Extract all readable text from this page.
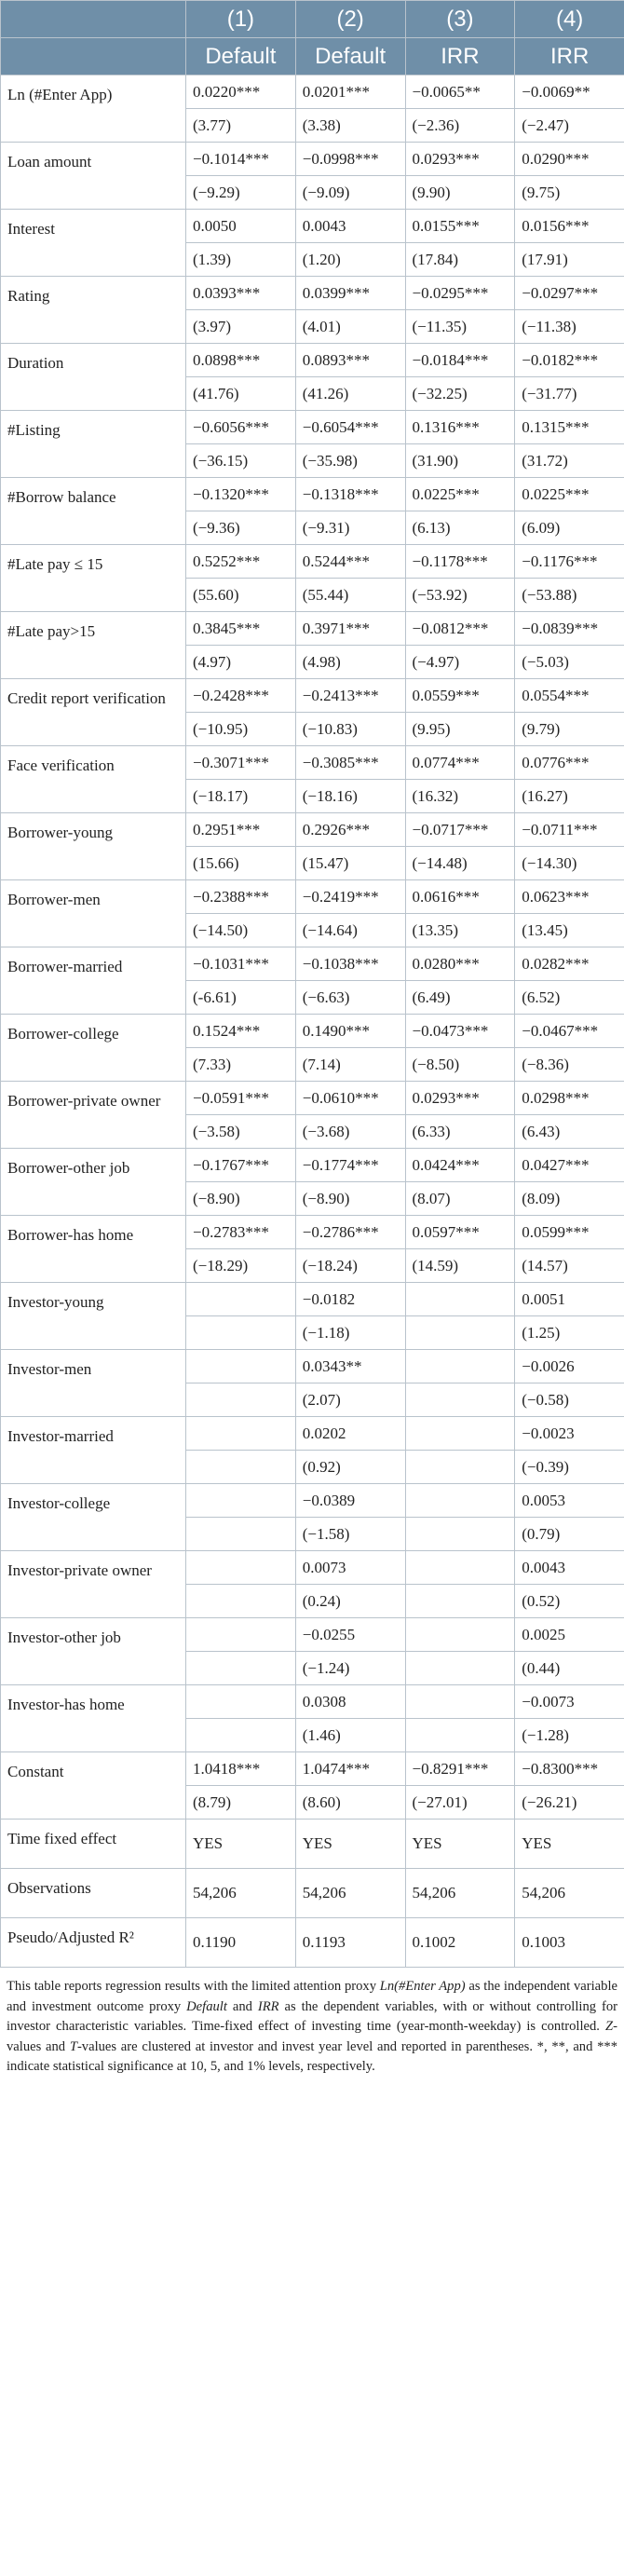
	(1)	(2)	(3)	(4)
	Default	Default	IRR	IRR
Ln (#Enter App)	0.0220***	0.0201***	−0.0065**	−0.0069**
	(3.77)	(3.38)	(−2.36)	(−2.47)
Loan amount	−0.1014***	−0.0998***	0.0293***	0.0290***
	(−9.29)	(−9.09)	(9.90)	(9.75)
Interest	0.0050	0.0043	0.0155***	0.0156***
	(1.39)	(1.20)	(17.84)	(17.91)
Rating	0.0393***	0.0399***	−0.0295***	−0.0297***
	(3.97)	(4.01)	(−11.35)	(−11.38)
Duration	0.0898***	0.0893***	−0.0184***	−0.0182***
	(41.76)	(41.26)	(−32.25)	(−31.77)
#Listing	−0.6056***	−0.6054***	0.1316***	0.1315***
	(−36.15)	(−35.98)	(31.90)	(31.72)
#Borrow balance	−0.1320***	−0.1318***	0.0225***	0.0225***
	(−9.36)	(−9.31)	(6.13)	(6.09)
#Late pay ≤ 15	0.5252***	0.5244***	−0.1178***	−0.1176***
	(55.60)	(55.44)	(−53.92)	(−53.88)
#Late pay>15	0.3845***	0.3971***	−0.0812***	−0.0839***
	(4.97)	(4.98)	(−4.97)	(−5.03)
Credit report verification	−0.2428***	−0.2413***	0.0559***	0.0554***
	(−10.95)	(−10.83)	(9.95)	(9.79)
Face verification	−0.3071***	−0.3085***	0.0774***	0.0776***
	(−18.17)	(−18.16)	(16.32)	(16.27)
Borrower-young	0.2951***	0.2926***	−0.0717***	−0.0711***
	(15.66)	(15.47)	(−14.48)	(−14.30)
Borrower-men	−0.2388***	−0.2419***	0.0616***	0.0623***
	(−14.50)	(−14.64)	(13.35)	(13.45)
Borrower-married	−0.1031***	−0.1038***	0.0280***	0.0282***
	(-6.61)	(−6.63)	(6.49)	(6.52)
Borrower-college	0.1524***	0.1490***	−0.0473***	−0.0467***
	(7.33)	(7.14)	(−8.50)	(−8.36)
Borrower-private owner	−0.0591***	−0.0610***	0.0293***	0.0298***
	(−3.58)	(−3.68)	(6.33)	(6.43)
Borrower-other job	−0.1767***	−0.1774***	0.0424***	0.0427***
	(−8.90)	(−8.90)	(8.07)	(8.09)
Borrower-has home	−0.2783***	−0.2786***	0.0597***	0.0599***
	(−18.29)	(−18.24)	(14.59)	(14.57)
Investor-young		−0.0182		0.0051
		(−1.18)		(1.25)
Investor-men		0.0343**		−0.0026
		(2.07)		(−0.58)
Investor-married		0.0202		−0.0023
		(0.92)		(−0.39)
Investor-college		−0.0389		0.0053
		(−1.58)		(0.79)
Investor-private owner		0.0073		0.0043
		(0.24)		(0.52)
Investor-other job		−0.0255		0.0025
		(−1.24)		(0.44)
Investor-has home		0.0308		−0.0073
		(1.46)		(−1.28)
Constant	1.0418***	1.0474***	−0.8291***	−0.8300***
	(8.79)	(8.60)	(−27.01)	(−26.21)
Time fixed effect	YES	YES	YES	YES
Observations	54,206	54,206	54,206	54,206
Pseudo/Adjusted R²	0.1190	0.1193	0.1002	0.1003
This table reports regression results with the limited attention proxy Ln(#Enter App) as the independent variable and investment outcome proxy Default and IRR as the dependent variables, with or without controlling for investor characteristic variables. Time-fixed effect of investing time (year-month-weekday) is controlled. Z-values and T-values are clustered at investor and invest year level and reported in parentheses. *, **, and *** indicate statistical significance at 10, 5, and 1% levels, respectively.
